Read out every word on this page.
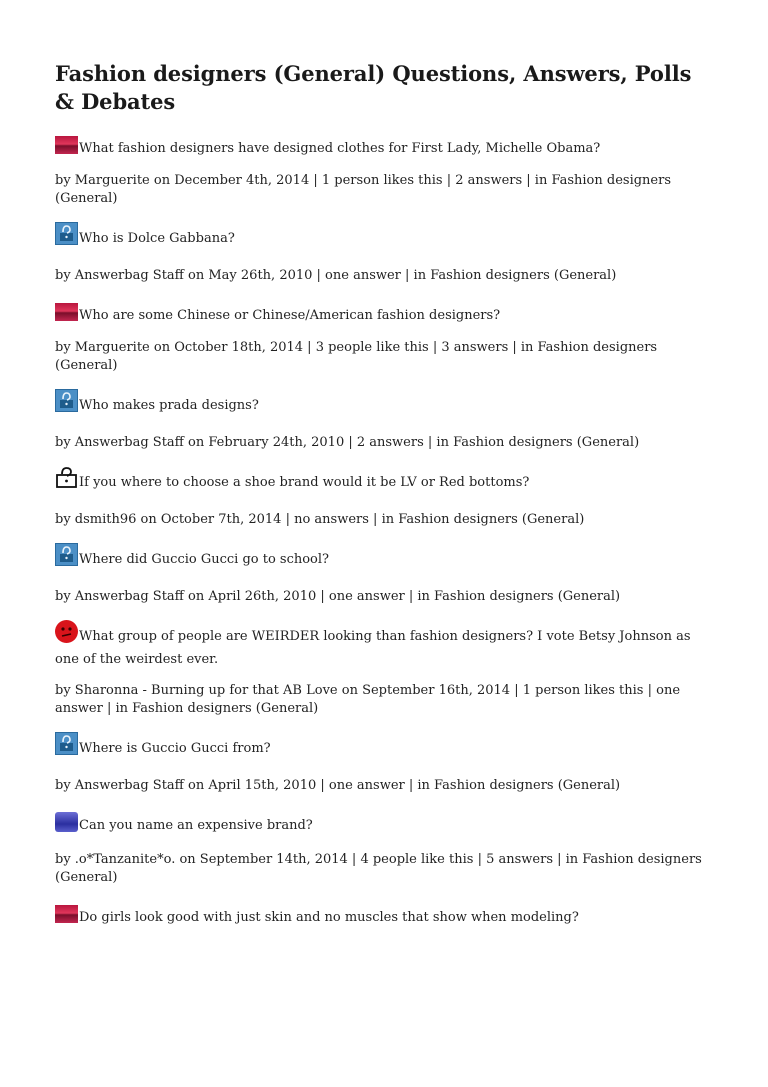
Fashion designers (General) Questions, Answers, Polls & Debates
What fashion designers have designed clothes for First Lady, Michelle Obama?
by Marguerite on December 4th, 2014 | 1 person likes this | 2 answers | in Fashion designers (General)
Who is Dolce Gabbana?
by Answerbag Staff on May 26th, 2010 | one answer | in Fashion designers (General)
Who are some Chinese or Chinese/American fashion designers?
by Marguerite on October 18th, 2014 | 3 people like this | 3 answers | in Fashion designers (General)
Who makes prada designs?
by Answerbag Staff on February 24th, 2010 | 2 answers | in Fashion designers (General)
If you where to choose a shoe brand would it be LV or Red bottoms?
by dsmith96 on October 7th, 2014 | no answers | in Fashion designers (General)
Where did Guccio Gucci go to school?
by Answerbag Staff on April 26th, 2010 | one answer | in Fashion designers (General)
What group of people are WEIRDER looking than fashion designers? I vote Betsy Johnson as one of the weirdest ever.
by Sharonna - Burning up for that AB Love on September 16th, 2014 | 1 person likes this | one answer | in Fashion designers (General)
Where is Guccio Gucci from?
by Answerbag Staff on April 15th, 2010 | one answer | in Fashion designers (General)
Can you name an expensive brand?
by .o*Tanzanite*o. on September 14th, 2014 | 4 people like this | 5 answers | in Fashion designers (General)
Do girls look good with just skin and no muscles that show when modeling?
